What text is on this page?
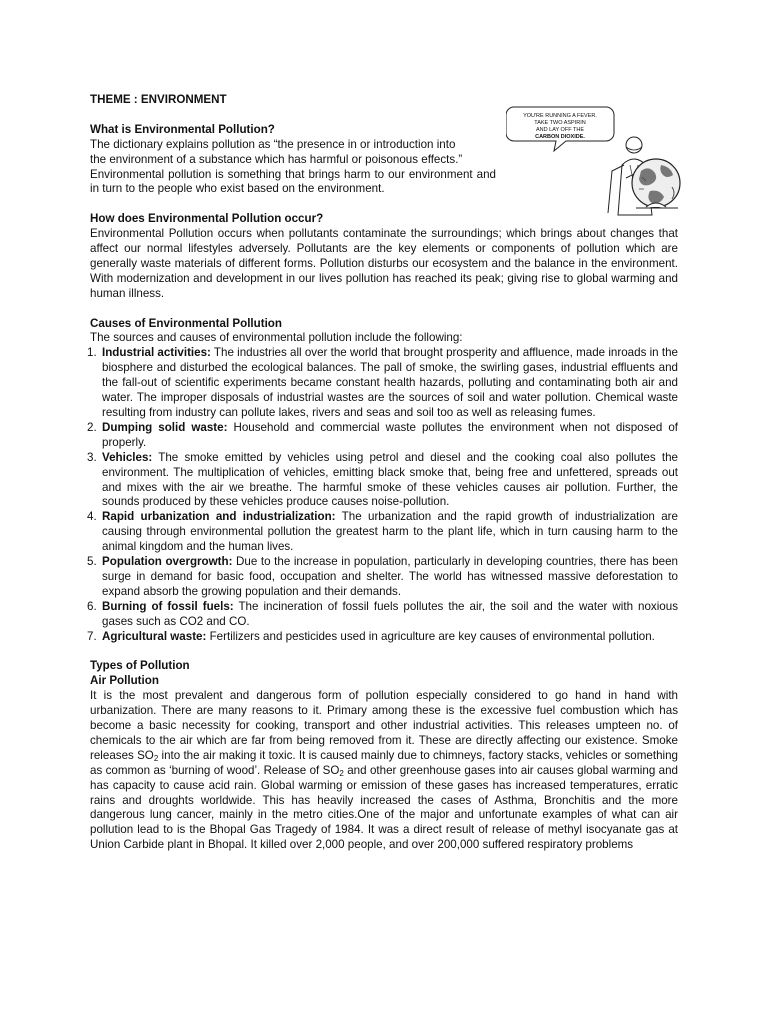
THEME : ENVIRONMENT

What is Environmental Pollution?

The dictionary explains pollution as “the presence in or introduction into

the environment of a substance which has harmful or poisonous effects.”

Environmental pollution is something that brings harm to our environment and in turn to the people who exist based on the environment.

YOU'RE RUNNING A FEVER.
TAKE TWO ASPIRIN
AND LAY OFF THE
CARBON DIOXIDE.

How does Environmental Pollution occur?

Environmental Pollution occurs when pollutants contaminate the surroundings; which brings about changes that affect our normal lifestyles adversely. Pollutants are the key elements or components of pollution which are generally waste materials of different forms. Pollution disturbs our ecosystem and the balance in the environment. With modernization and development in our lives pollution has reached its peak; giving rise to global warming and human illness.

Causes of Environmental Pollution

The sources and causes of environmental pollution include the following:

1. Industrial activities: The industries all over the world that brought prosperity and affluence, made inroads in the biosphere and disturbed the ecological balances. The pall of smoke, the swirling gases, industrial effluents and the fall-out of scientific experiments became constant health hazards, polluting and contaminating both air and water. The improper disposals of industrial wastes are the sources of soil and water pollution. Chemical waste resulting from industry can pollute lakes, rivers and seas and soil too as well as releasing fumes.
2. Dumping solid waste: Household and commercial waste pollutes the environment when not disposed of properly.
3. Vehicles: The smoke emitted by vehicles using petrol and diesel and the cooking coal also pollutes the environment. The multiplication of vehicles, emitting black smoke that, being free and unfettered, spreads out and mixes with the air we breathe. The harmful smoke of these vehicles causes air pollution. Further, the sounds produced by these vehicles produce causes noise-pollution.
4. Rapid urbanization and industrialization: The urbanization and the rapid growth of industrialization are causing through environmental pollution the greatest harm to the plant life, which in turn causing harm to the animal kingdom and the human lives.
5. Population overgrowth: Due to the increase in population, particularly in developing countries, there has been surge in demand for basic food, occupation and shelter. The world has witnessed massive deforestation to expand absorb the growing population and their demands.
6. Burning of fossil fuels: The incineration of fossil fuels pollutes the air, the soil and the water with noxious gases such as CO2 and CO.
7. Agricultural waste: Fertilizers and pesticides used in agriculture are key causes of environmental pollution.

Types of Pollution

Air Pollution

It is the most prevalent and dangerous form of pollution especially considered to go hand in hand with urbanization. There are many reasons to it. Primary among these is the excessive fuel combustion which has become a basic necessity for cooking, transport and other industrial activities. This releases umpteen no. of chemicals to the air which are far from being removed from it. These are directly affecting our existence. Smoke releases $SO_2$ into the air making it toxic. It is caused mainly due to chimneys, factory stacks, vehicles or something as common as ‘burning of wood’. Release of $SO_2$ and other greenhouse gases into air causes global warming and has capacity to cause acid rain. Global warming or emission of these gases has increased temperatures, erratic rains and droughts worldwide. This has heavily increased the cases of Asthma, Bronchitis and the more dangerous lung cancer, mainly in the metro cities.One of the major and unfortunate examples of what can air pollution lead to is the Bhopal Gas Tragedy of 1984. It was a direct result of release of methyl isocyanate gas at Union Carbide plant in Bhopal. It killed over 2,000 people, and over 200,000 suffered respiratory problems
